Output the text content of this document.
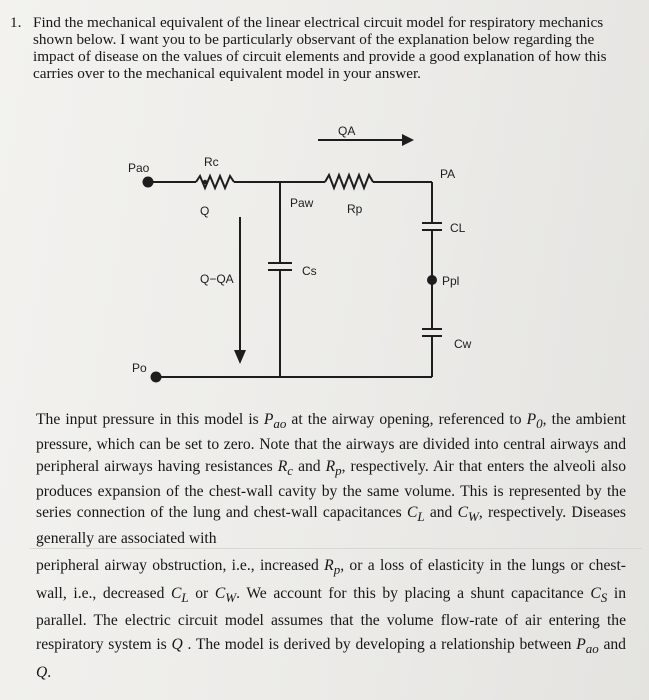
1. Find the mechanical equivalent of the linear electrical circuit model for respiratory mechanics shown below. I want you to be particularly observant of the explanation below regarding the impact of disease on the values of circuit elements and provide a good explanation of how this carries over to the mechanical equivalent model in your answer.
Pao	Rc
Q
QA
PA
Paw	Rp
CL
Cs
Q−QA	Ppl
Cw
Po
The input pressure in this model is $P_{ao}$ at the airway opening, referenced to $P_0$, the ambient pressure, which can be set to zero. Note that the airways are divided into central airways and peripheral airways having resistances $R_c$ and $R_p$, respectively. Air that enters the alveoli also produces expansion of the chest-wall cavity by the same volume. This is represented by the series connection of the lung and chest-wall capacitances $C_L$ and $C_W$, respectively. Diseases generally are associated with
peripheral airway obstruction, i.e., increased $R_p$, or a loss of elasticity in the lungs or chest-wall, i.e., decreased $C_L$ or $C_W$. We account for this by placing a shunt capacitance $C_S$ in parallel. The electric circuit model assumes that the volume flow-rate of air entering the respiratory system is Q . The model is derived by developing a relationship between $P_{ao}$ and Q.
